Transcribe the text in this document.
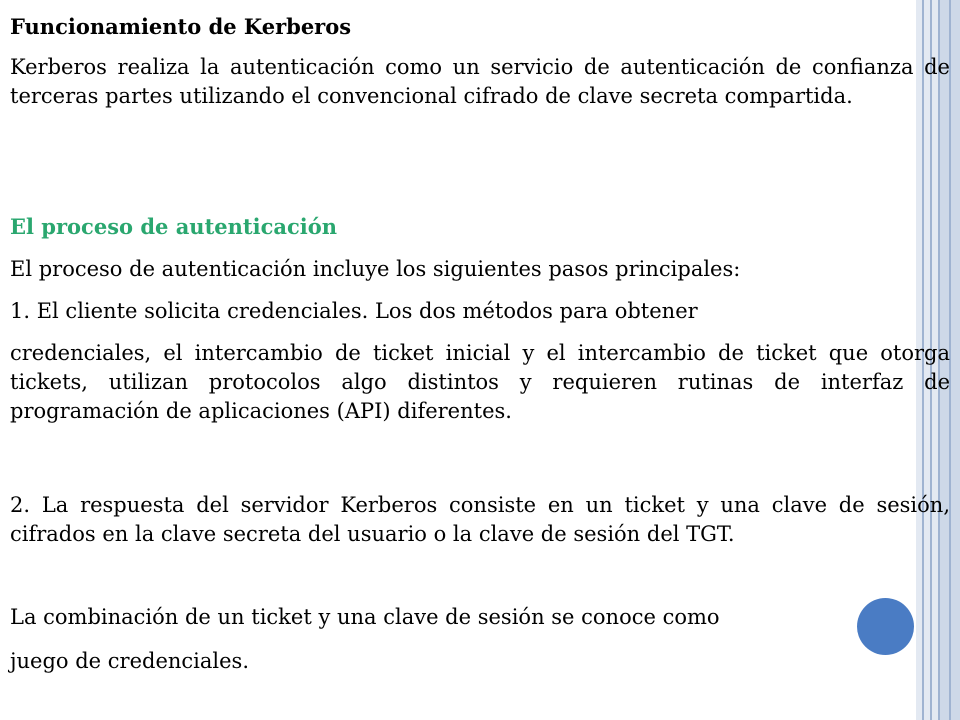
Funcionamiento de Kerberos

Kerberos realiza la autenticación como un servicio de autenticación de confianza de terceras partes utilizando el convencional cifrado de clave secreta compartida.

El proceso de autenticación

El proceso de autenticación incluye los siguientes pasos principales:

1. El cliente solicita credenciales. Los dos métodos para obtener

credenciales, el intercambio de ticket inicial y el intercambio de ticket que otorga tickets, utilizan protocolos algo distintos y requieren rutinas de interfaz de programación de aplicaciones (API) diferentes.

2. La respuesta del servidor Kerberos consiste en un ticket y una clave de sesión, cifrados en la clave secreta del usuario o la clave de sesión del TGT.

La combinación de un ticket y una clave de sesión se conoce como

juego de credenciales.
